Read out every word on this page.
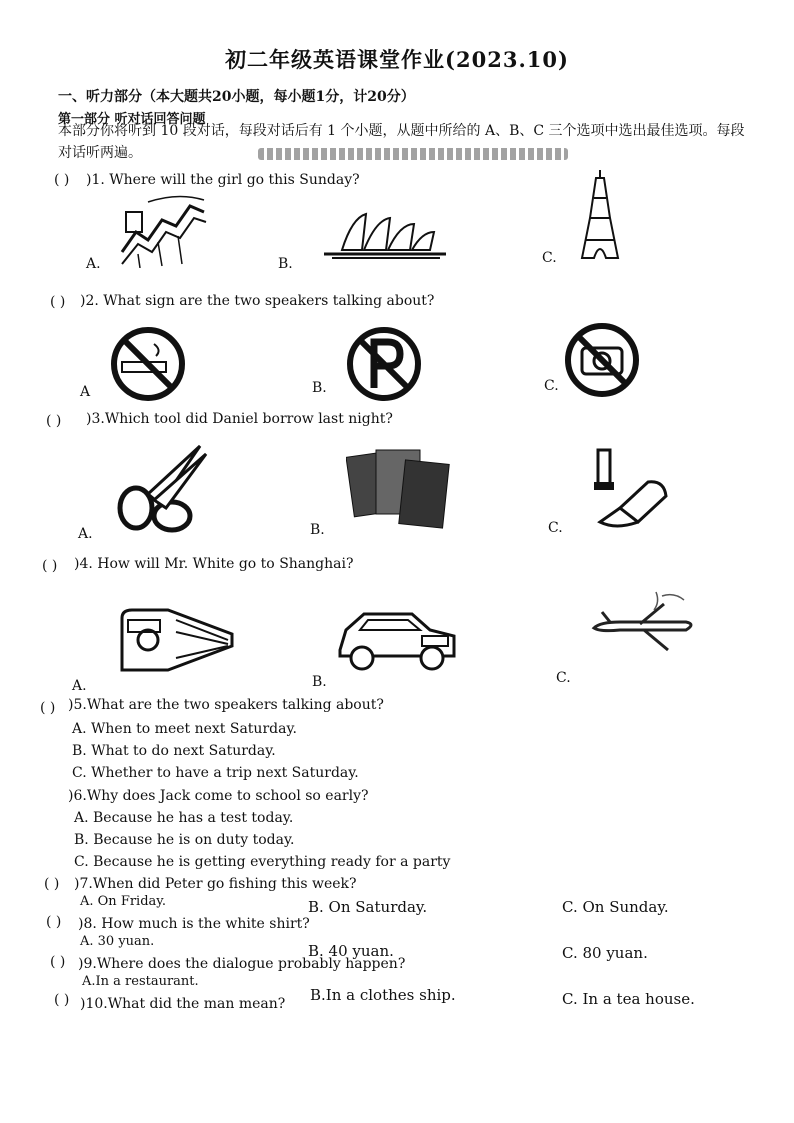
初二年级英语课堂作业(2023.10)
一、听力部分（本大题共20小题，每小题1分，计20分）
第一部分 听对话回答问题
本部分你将听到 10 段对话，每段对话后有 1 个小题，从题中所给的 A、B、C 三个选项中选出最佳选项。每段对话听两遍。
( ) )1. Where will the girl go this Sunday?
A.	B.	C.
( ) )2. What sign are the two speakers talking about?
A	B.	C.
( ) )3.Which tool did Daniel borrow last night?
A.	B.	C.
( ) )4. How will Mr. White go to Shanghai?
A.	B.	C.
( ) )5.What are the two speakers talking about?
A. When to meet next Saturday.
B. What to do next Saturday.
C. Whether to have a trip next Saturday.
)6.Why does Jack come to school so early?
A. Because he has a test today.
B. Because he is on duty today.
C. Because he is getting everything ready for a party
( ) )7.When did Peter go fishing this week?
A. On Friday.	B. On Saturday.	C. On Sunday.
( ) )8. How much is the white shirt?
A. 30 yuan.
B. 40 yuan.	C. 80 yuan.
( ) )9.Where does the dialogue probably happen?
A.In a restaurant.
B.In a clothes ship.	C. In a tea house.
( ) )10.What did the man mean?
